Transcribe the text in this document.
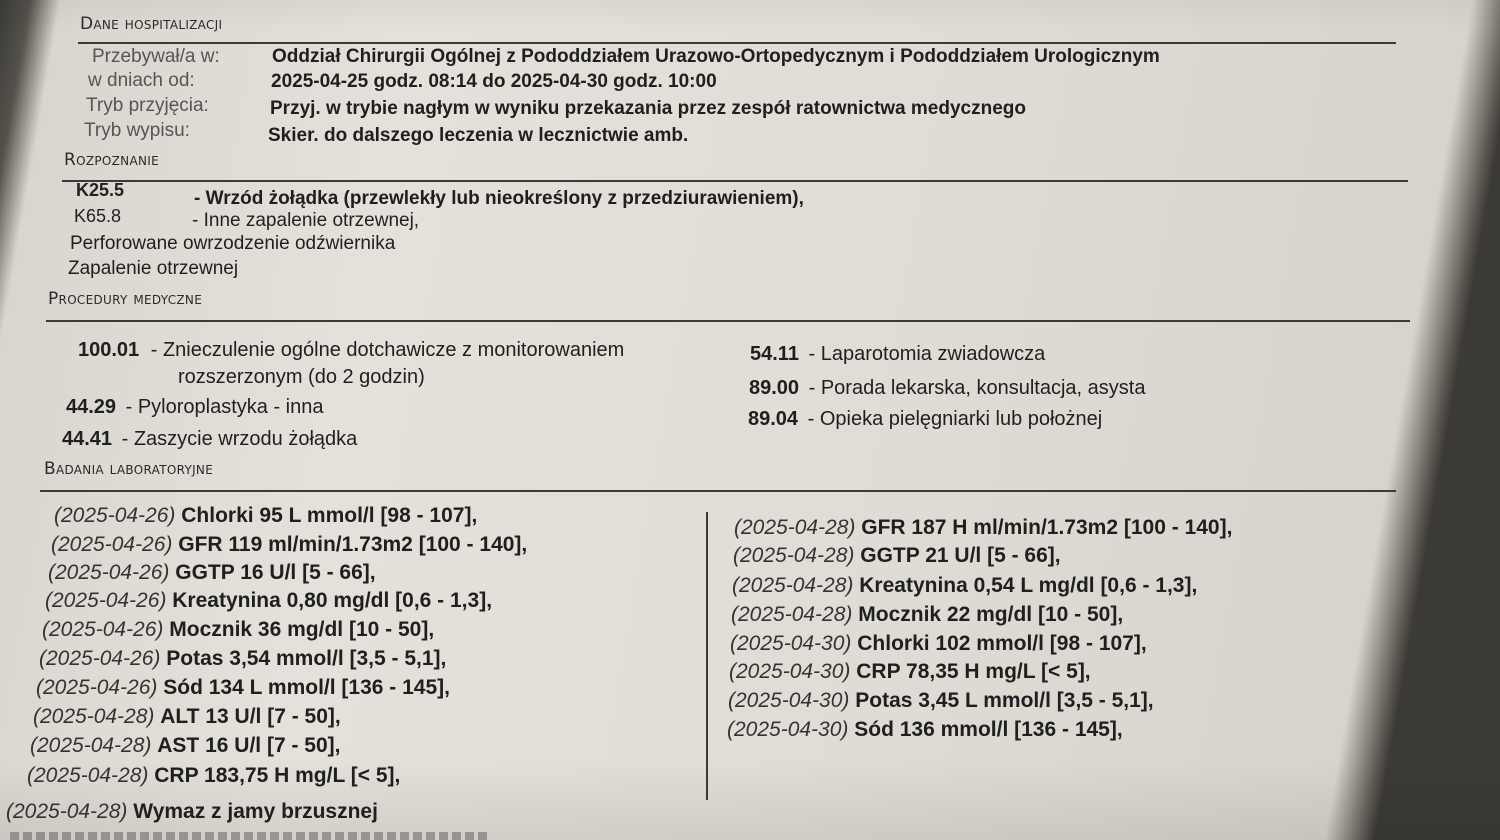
Dane hospitalizacji
Przebywał/a w:	Oddział Chirurgii Ogólnej z Pododdziałem Urazowo-Ortopedycznym i Pododdziałem Urologicznym
w dniach od:	2025-04-25 godz. 08:14 do 2025-04-30 godz. 10:00
Tryb przyjęcia:	Przyj. w trybie nagłym w wyniku przekazania przez zespół ratownictwa medycznego
Tryb wypisu:	Skier. do dalszego leczenia w lecznictwie amb.
Rozpoznanie
K25.5	- Wrzód żołądka (przewlekły lub nieokreślony z przedziurawieniem),
K65.8	- Inne zapalenie otrzewnej,
Perforowane owrzodzenie odźwiernika
Zapalenie otrzewnej
Procedury medyczne
100.01 - Znieczulenie ogólne dotchawicze z monitorowaniem
rozszerzonym (do 2 godzin)
44.29 - Pyloroplastyka - inna
44.41 - Zaszycie wrzodu żołądka
54.11 - Laparotomia zwiadowcza
89.00 - Porada lekarska, konsultacja, asysta
89.04 - Opieka pielęgniarki lub położnej
Badania laboratoryjne
(2025-04-26) Chlorki 95 L mmol/l [98 - 107],
(2025-04-26) GFR 119 ml/min/1.73m2 [100 - 140],
(2025-04-26) GGTP 16 U/l [5 - 66],
(2025-04-26) Kreatynina 0,80 mg/dl [0,6 - 1,3],
(2025-04-26) Mocznik 36 mg/dl [10 - 50],
(2025-04-26) Potas 3,54 mmol/l [3,5 - 5,1],
(2025-04-26) Sód 134 L mmol/l [136 - 145],
(2025-04-28) ALT 13 U/l [7 - 50],
(2025-04-28) AST 16 U/l [7 - 50],
(2025-04-28) CRP 183,75 H mg/L [< 5],
(2025-04-28) Wymaz z jamy brzusznej
(2025-04-28) GFR 187 H ml/min/1.73m2 [100 - 140],
(2025-04-28) GGTP 21 U/l [5 - 66],
(2025-04-28) Kreatynina 0,54 L mg/dl [0,6 - 1,3],
(2025-04-28) Mocznik 22 mg/dl [10 - 50],
(2025-04-30) Chlorki 102 mmol/l [98 - 107],
(2025-04-30) CRP 78,35 H mg/L [< 5],
(2025-04-30) Potas 3,45 L mmol/l [3,5 - 5,1],
(2025-04-30) Sód 136 mmol/l [136 - 145],
